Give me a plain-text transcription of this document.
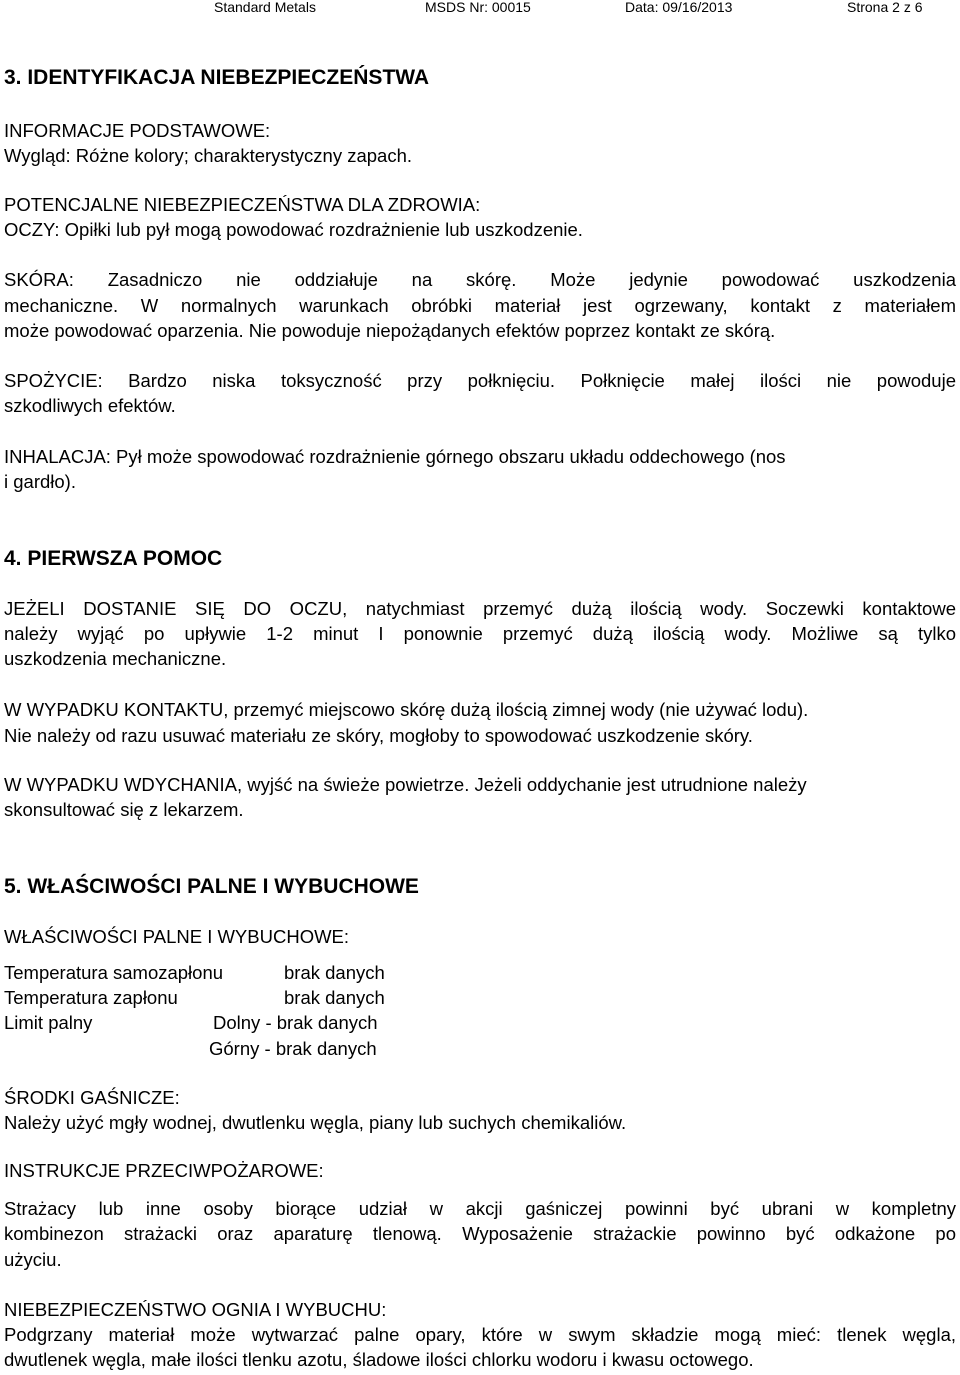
Standard Metals	MSDS Nr: 00015	Data: 09/16/2013	Strona 2 z 6
3. IDENTYFIKACJA NIEBEZPIECZEŃSTWA
INFORMACJE PODSTAWOWE:
Wygląd: Różne kolory; charakterystyczny zapach.
POTENCJALNE NIEBEZPIECZEŃSTWA DLA ZDROWIA:
OCZY: Opiłki lub pył mogą powodować rozdrażnienie lub uszkodzenie.
SKÓRA: Zasadniczo nie oddziałuje na skórę. Może jedynie powodować uszkodzenia
mechaniczne. W normalnych warunkach obróbki materiał jest ogrzewany, kontakt z materiałem
może powodować oparzenia. Nie powoduje niepożądanych efektów poprzez kontakt ze skórą.
SPOŻYCIE: Bardzo niska toksyczność przy połknięciu. Połknięcie małej ilości nie powoduje
szkodliwych efektów.
INHALACJA: Pył może spowodować rozdrażnienie górnego obszaru układu oddechowego (nos
i gardło).
4. PIERWSZA POMOC
JEŻELI DOSTANIE SIĘ DO OCZU, natychmiast przemyć dużą ilością wody. Soczewki kontaktowe
należy wyjąć po upływie 1-2 minut I ponownie przemyć dużą ilością wody. Możliwe są tylko
uszkodzenia mechaniczne.
W WYPADKU KONTAKTU, przemyć miejscowo skórę dużą ilością zimnej wody (nie używać lodu).
Nie należy od razu usuwać materiału ze skóry, mogłoby to spowodować uszkodzenie skóry.
W WYPADKU WDYCHANIA, wyjść na świeże powietrze. Jeżeli oddychanie jest utrudnione należy
skonsultować się z lekarzem.
5. WŁAŚCIWOŚCI PALNE I WYBUCHOWE
WŁAŚCIWOŚCI PALNE I WYBUCHOWE:
Temperatura samozapłonu	brak danych
Temperatura zapłonu	brak danych
Limit palny	Dolny - brak danych
Górny - brak danych
ŚRODKI GAŚNICZE:
Należy użyć mgły wodnej, dwutlenku węgla, piany lub suchych chemikaliów.
INSTRUKCJE PRZECIWPOŻAROWE:
Strażacy lub inne osoby biorące udział w akcji gaśniczej powinni być ubrani w kompletny
kombinezon strażacki oraz aparaturę tlenową. Wyposażenie strażackie powinno być odkażone po
użyciu.
NIEBEZPIECZEŃSTWO OGNIA I WYBUCHU:
Podgrzany materiał może wytwarzać palne opary, które w swym składzie mogą mieć: tlenek węgla,
dwutlenek węgla, małe ilości tlenku azotu, śladowe ilości chlorku wodoru i kwasu octowego.
